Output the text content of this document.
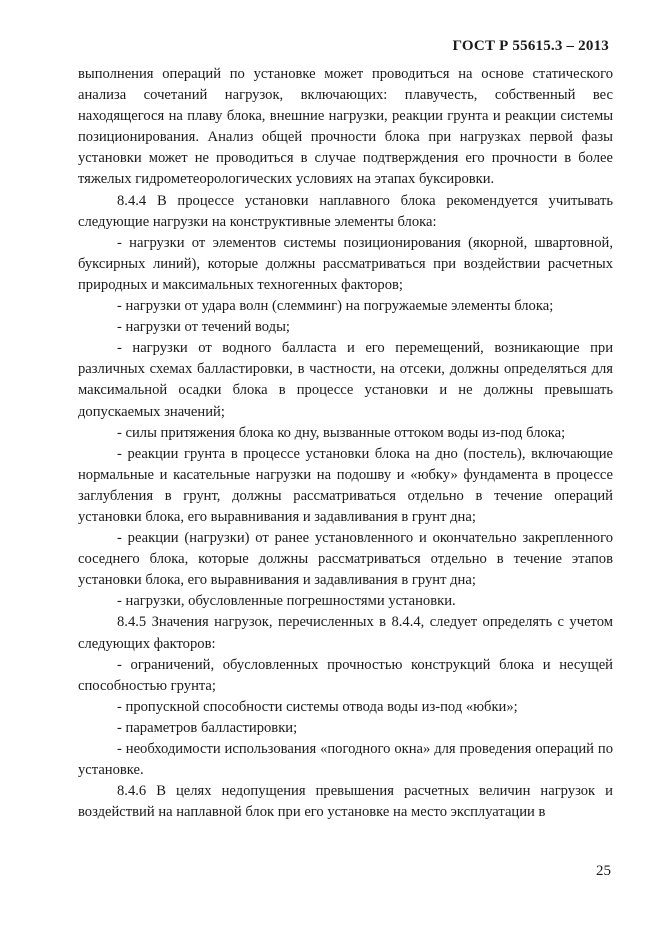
ГОСТ Р 55615.3 – 2013

выполнения операций по установке может проводиться на основе статического анализа сочетаний нагрузок, включающих: плавучесть, собственный вес находящегося на плаву блока, внешние нагрузки, реакции грунта и реакции системы позиционирования. Анализ общей прочности блока при нагрузках первой фазы установки может не проводиться в случае подтверждения его прочности в более тяжелых гидрометеорологических условиях на этапах буксировки.

8.4.4 В процессе установки наплавного блока рекомендуется учитывать следующие нагрузки на конструктивные элементы блока:

- нагрузки от элементов системы позиционирования (якорной, швартовной, буксирных линий), которые должны рассматриваться при воздействии расчетных природных и максимальных техногенных факторов;

- нагрузки от удара волн (слемминг) на погружаемые элементы блока;

- нагрузки от течений воды;

- нагрузки от водного балласта и его перемещений, возникающие при различных схемах балластировки, в частности, на отсеки, должны определяться для максимальной осадки блока в процессе установки и не должны превышать допускаемых значений;

- силы притяжения блока ко дну, вызванные оттоком воды из-под блока;

- реакции грунта в процессе установки блока на дно (постель), включающие нормальные и касательные нагрузки на подошву и «юбку» фундамента в процессе заглубления в грунт, должны рассматриваться отдельно в течение операций установки блока, его выравнивания и задавливания в грунт дна;

- реакции (нагрузки) от ранее установленного и окончательно закрепленного соседнего блока, которые должны рассматриваться отдельно в течение этапов установки блока, его выравнивания и задавливания в грунт дна;

- нагрузки, обусловленные погрешностями установки.

8.4.5 Значения нагрузок, перечисленных в 8.4.4, следует определять с учетом следующих факторов:

- ограничений, обусловленных прочностью конструкций блока и несущей способностью грунта;

- пропускной способности системы отвода воды из-под «юбки»;

- параметров балластировки;

- необходимости использования «погодного окна» для проведения операций по установке.

8.4.6 В целях недопущения превышения расчетных величин нагрузок и воздействий на наплавной блок при его установке на место эксплуатации в

25
